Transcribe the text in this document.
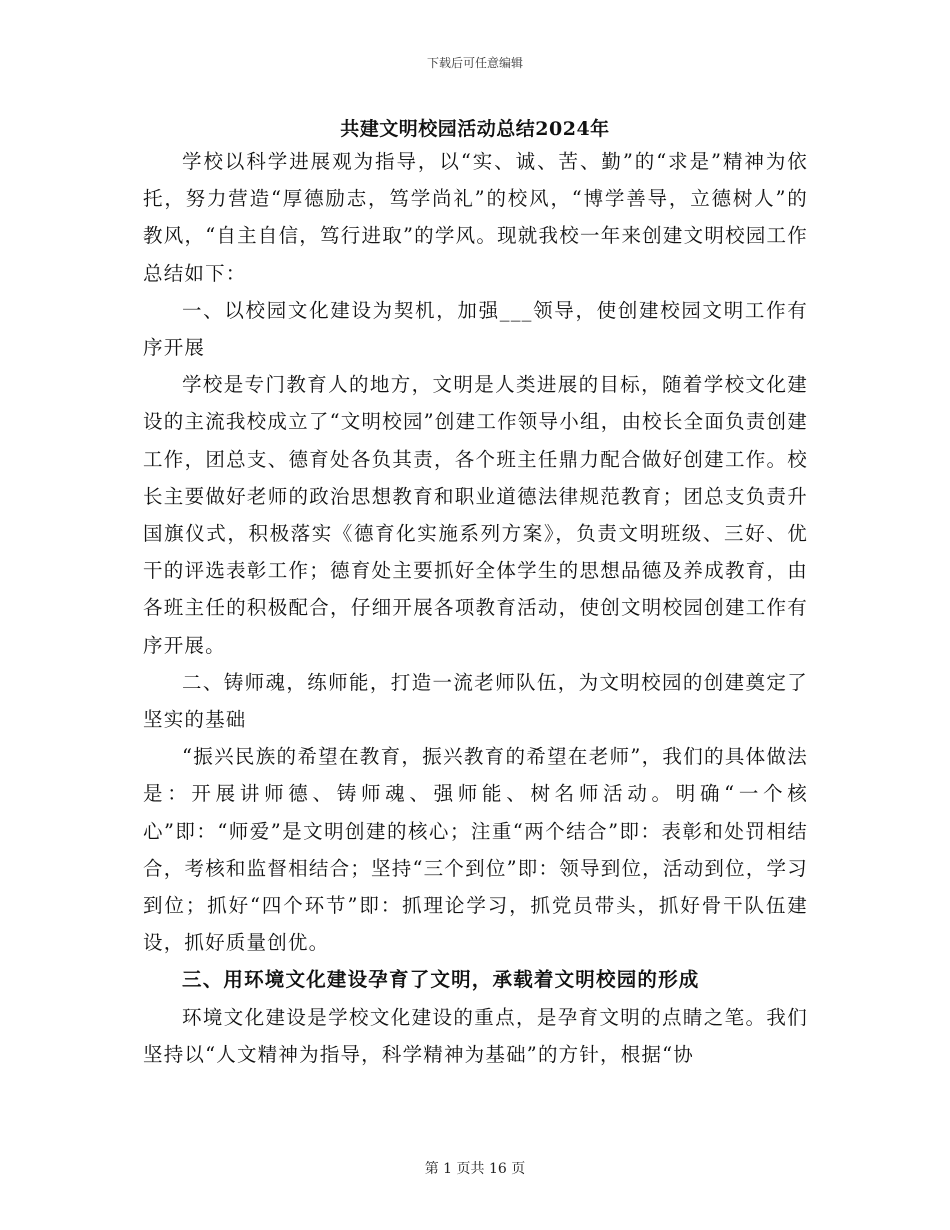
下载后可任意编辑
共建文明校园活动总结2024年

学校以科学进展观为指导，以“实、诚、苦、勤”的“求是”精神为依托，努力营造“厚德励志，笃学尚礼”的校风，“博学善导，立德树人”的教风，“自主自信，笃行进取”的学风。现就我校一年来创建文明校园工作总结如下：

一、以校园文化建设为契机，加强___领导，使创建校园文明工作有序开展

学校是专门教育人的地方，文明是人类进展的目标，随着学校文化建设的主流我校成立了“文明校园”创建工作领导小组，由校长全面负责创建工作，团总支、德育处各负其责，各个班主任鼎力配合做好创建工作。校长主要做好老师的政治思想教育和职业道德法律规范教育；团总支负责升国旗仪式，积极落实《德育化实施系列方案》，负责文明班级、三好、优干的评选表彰工作；德育处主要抓好全体学生的思想品德及养成教育，由各班主任的积极配合，仔细开展各项教育活动，使创文明校园创建工作有序开展。

二、铸师魂，练师能，打造一流老师队伍，为文明校园的创建奠定了坚实的基础

“振兴民族的希望在教育，振兴教育的希望在老师”，我们的具体做法是：开展讲师德、铸师魂、强师能、树名师活动。明确“一个核心”即：“师爱”是文明创建的核心；注重“两个结合”即：表彰和处罚相结合，考核和监督相结合；坚持“三个到位”即：领导到位，活动到位，学习到位；抓好“四个环节”即：抓理论学习，抓党员带头，抓好骨干队伍建设，抓好质量创优。

三、用环境文化建设孕育了文明，承载着文明校园的形成

环境文化建设是学校文化建设的重点，是孕育文明的点睛之笔。我们坚持以“人文精神为指导，科学精神为基础”的方针，根据“协

第 1 页共 16 页
